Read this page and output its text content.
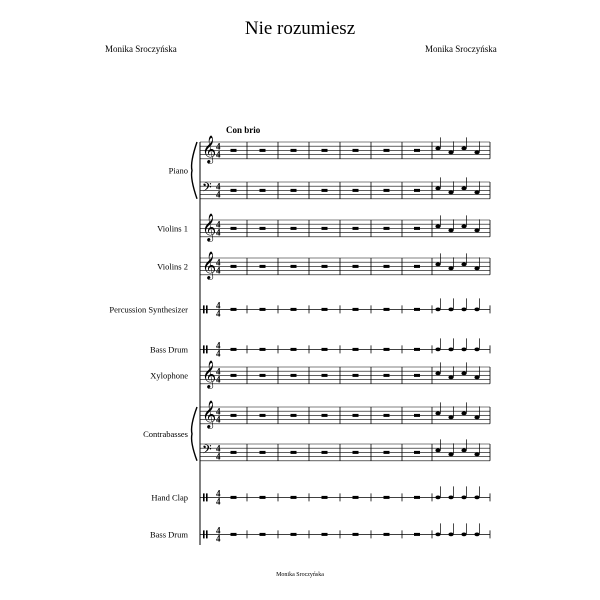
Nie rozumiesz
Monika Sroczyńska	Monika Sroczyńska
Con brio
𝄞 4
4
𝄢 4
4
Piano
𝄞 4
4
Violins 1
𝄞 4
4
Violins 2
4
4
Percussion Synthesizer
4
4
Bass Drum
𝄞 4
4
Xylophone
𝄞 4
4
𝄢 4
4
Contrabasses
4
4
Hand Clap
4
4
Bass Drum
Monika Sroczyńska
